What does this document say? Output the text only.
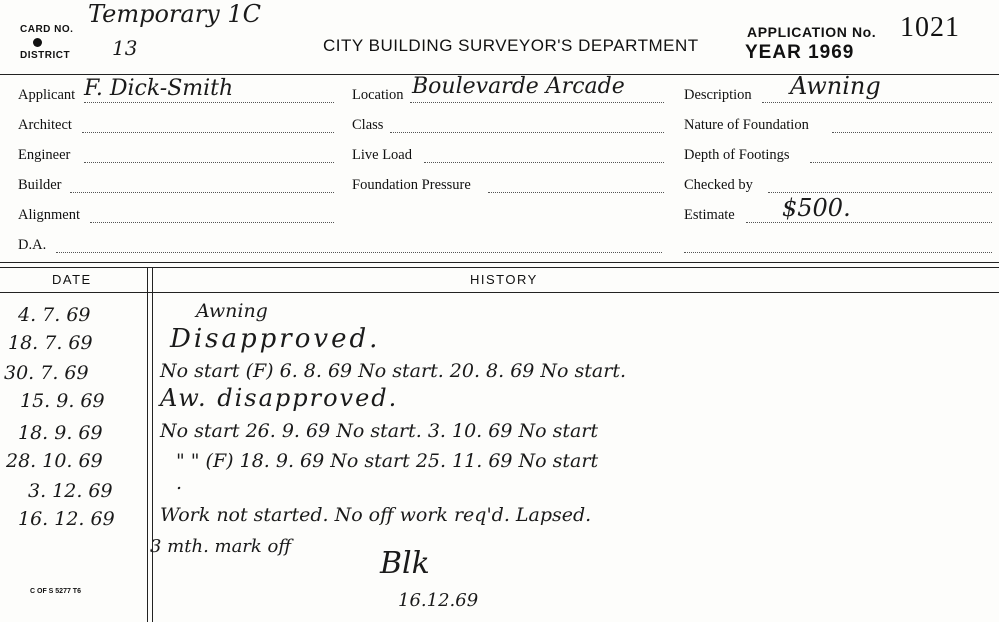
CARD NO.
Temporary 1C
DISTRICT 13	CITY BUILDING SURVEYOR'S DEPARTMENT
APPLICATION No. 1021
YEAR 1969
Applicant F. Dick-Smith
Architect
Engineer
Builder
Alignment
D.A.
Location Boulevarde Arcade
Class
Live Load
Foundation Pressure
Description Awning
Nature of Foundation
Depth of Footings
Checked by
Estimate $500.
DATE	HISTORY
4. 7. 69	Awning
18. 7. 69	Disapproved.
30. 7. 69	No start (F) 6. 8. 69 No start. 20. 8. 69 No start.
15. 9. 69 Aw. disapproved.
18. 9. 69	No start 26. 9. 69 No start. 3. 10. 69 No start
28. 10. 69	" " (F) 18. 9. 69 No start 25. 11. 69 No start
3. 12. 69	.
16. 12. 69 Work not started. No off work req'd. Lapsed.
3 mth. mark off	Blk
16.12.69
C OF S 5277 T6
